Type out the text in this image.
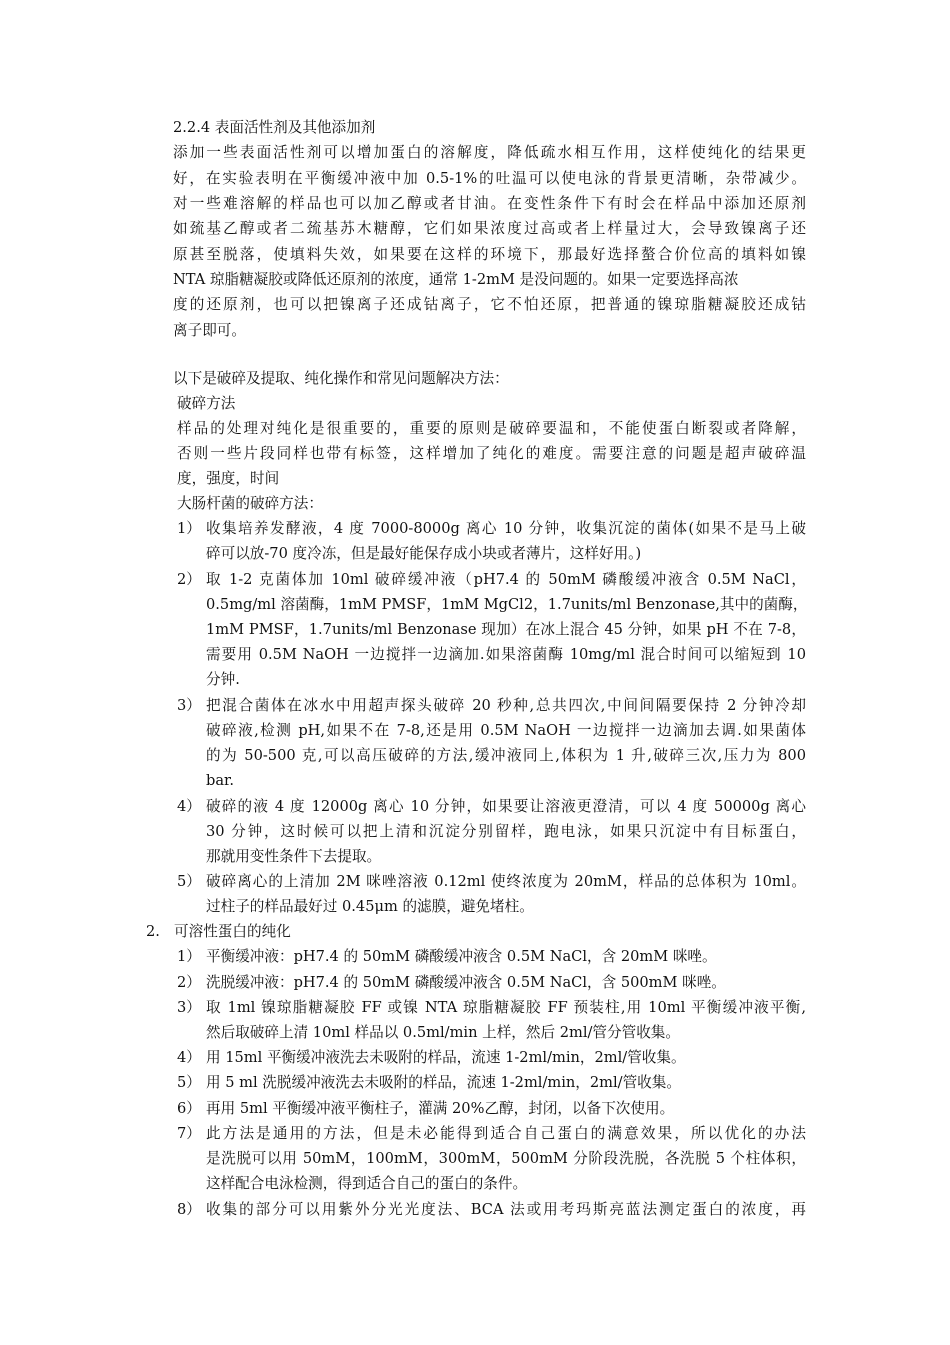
2.2.4 表面活性剂及其他添加剂
添加一些表面活性剂可以增加蛋白的溶解度，降低疏水相互作用，这样使纯化的结果更
好，在实验表明在平衡缓冲液中加 0.5-1%的吐温可以使电泳的背景更清晰，杂带减少。
对一些难溶解的样品也可以加乙醇或者甘油。在变性条件下有时会在样品中添加还原剂
如巯基乙醇或者二巯基苏木糖醇，它们如果浓度过高或者上样量过大，会导致镍离子还
原甚至脱落，使填料失效，如果要在这样的环境下，那最好选择螯合价位高的填料如镍
NTA 琼脂糖凝胶或降低还原剂的浓度，通常 1-2mM 是没问题的。如果一定要选择高浓
度的还原剂，也可以把镍离子还成钴离子，它不怕还原，把普通的镍琼脂糖凝胶还成钴
离子即可。
以下是破碎及提取、纯化操作和常见问题解决方法：
破碎方法
样品的处理对纯化是很重要的，重要的原则是破碎要温和，不能使蛋白断裂或者降解，
否则一些片段同样也带有标签，这样增加了纯化的难度。需要注意的问题是超声破碎温
度，强度，时间
大肠杆菌的破碎方法：
1） 收集培养发酵液，4 度 7000-8000g 离心 10 分钟，收集沉淀的菌体(如果不是马上破
碎可以放-70 度冷冻，但是最好能保存成小块或者薄片，这样好用。)
2） 取 1-2 克菌体加 10ml 破碎缓冲液（pH7.4 的 50mM 磷酸缓冲液含 0.5M NaCl，
0.5mg/ml 溶菌酶，1mM PMSF，1mM MgCl2，1.7units/ml Benzonase,其中的菌酶，
1mM PMSF，1.7units/ml Benzonase 现加）在冰上混合 45 分钟，如果 pH 不在 7-8，
需要用 0.5M NaOH 一边搅拌一边滴加.如果溶菌酶 10mg/ml 混合时间可以缩短到 10
分钟.
3） 把混合菌体在冰水中用超声探头破碎 20 秒种,总共四次,中间间隔要保持 2 分钟冷却
破碎液,检测 pH,如果不在 7-8,还是用 0.5M NaOH 一边搅拌一边滴加去调.如果菌体
的为 50-500 克,可以高压破碎的方法,缓冲液同上,体积为 1 升,破碎三次,压力为 800
bar.
4） 破碎的液 4 度 12000g 离心 10 分钟，如果要让溶液更澄清，可以 4 度 50000g 离心
30 分钟，这时候可以把上清和沉淀分别留样，跑电泳，如果只沉淀中有目标蛋白，
那就用变性条件下去提取。
5） 破碎离心的上清加 2M 咪唑溶液 0.12ml 使终浓度为 20mM，样品的总体积为 10ml。
过柱子的样品最好过 0.45μm 的滤膜，避免堵柱。
2. 可溶性蛋白的纯化
1） 平衡缓冲液：pH7.4 的 50mM 磷酸缓冲液含 0.5M NaCl，含 20mM 咪唑。
2） 洗脱缓冲液：pH7.4 的 50mM 磷酸缓冲液含 0.5M NaCl，含 500mM 咪唑。
3） 取 1ml 镍琼脂糖凝胶 FF 或镍 NTA 琼脂糖凝胶 FF 预装柱,用 10ml 平衡缓冲液平衡,
然后取破碎上清 10ml 样品以 0.5ml/min 上样，然后 2ml/管分管收集。
4） 用 15ml 平衡缓冲液洗去未吸附的样品，流速 1-2ml/min，2ml/管收集。
5） 用 5 ml 洗脱缓冲液洗去未吸附的样品，流速 1-2ml/min，2ml/管收集。
6） 再用 5ml 平衡缓冲液平衡柱子，灌满 20%乙醇，封闭，以备下次使用。
7） 此方法是通用的方法，但是未必能得到适合自己蛋白的满意效果，所以优化的办法
是洗脱可以用 50mM，100mM，300mM，500mM 分阶段洗脱，各洗脱 5 个柱体积，
这样配合电泳检测，得到适合自己的蛋白的条件。
8） 收集的部分可以用紫外分光光度法、BCA 法或用考玛斯亮蓝法测定蛋白的浓度，再
